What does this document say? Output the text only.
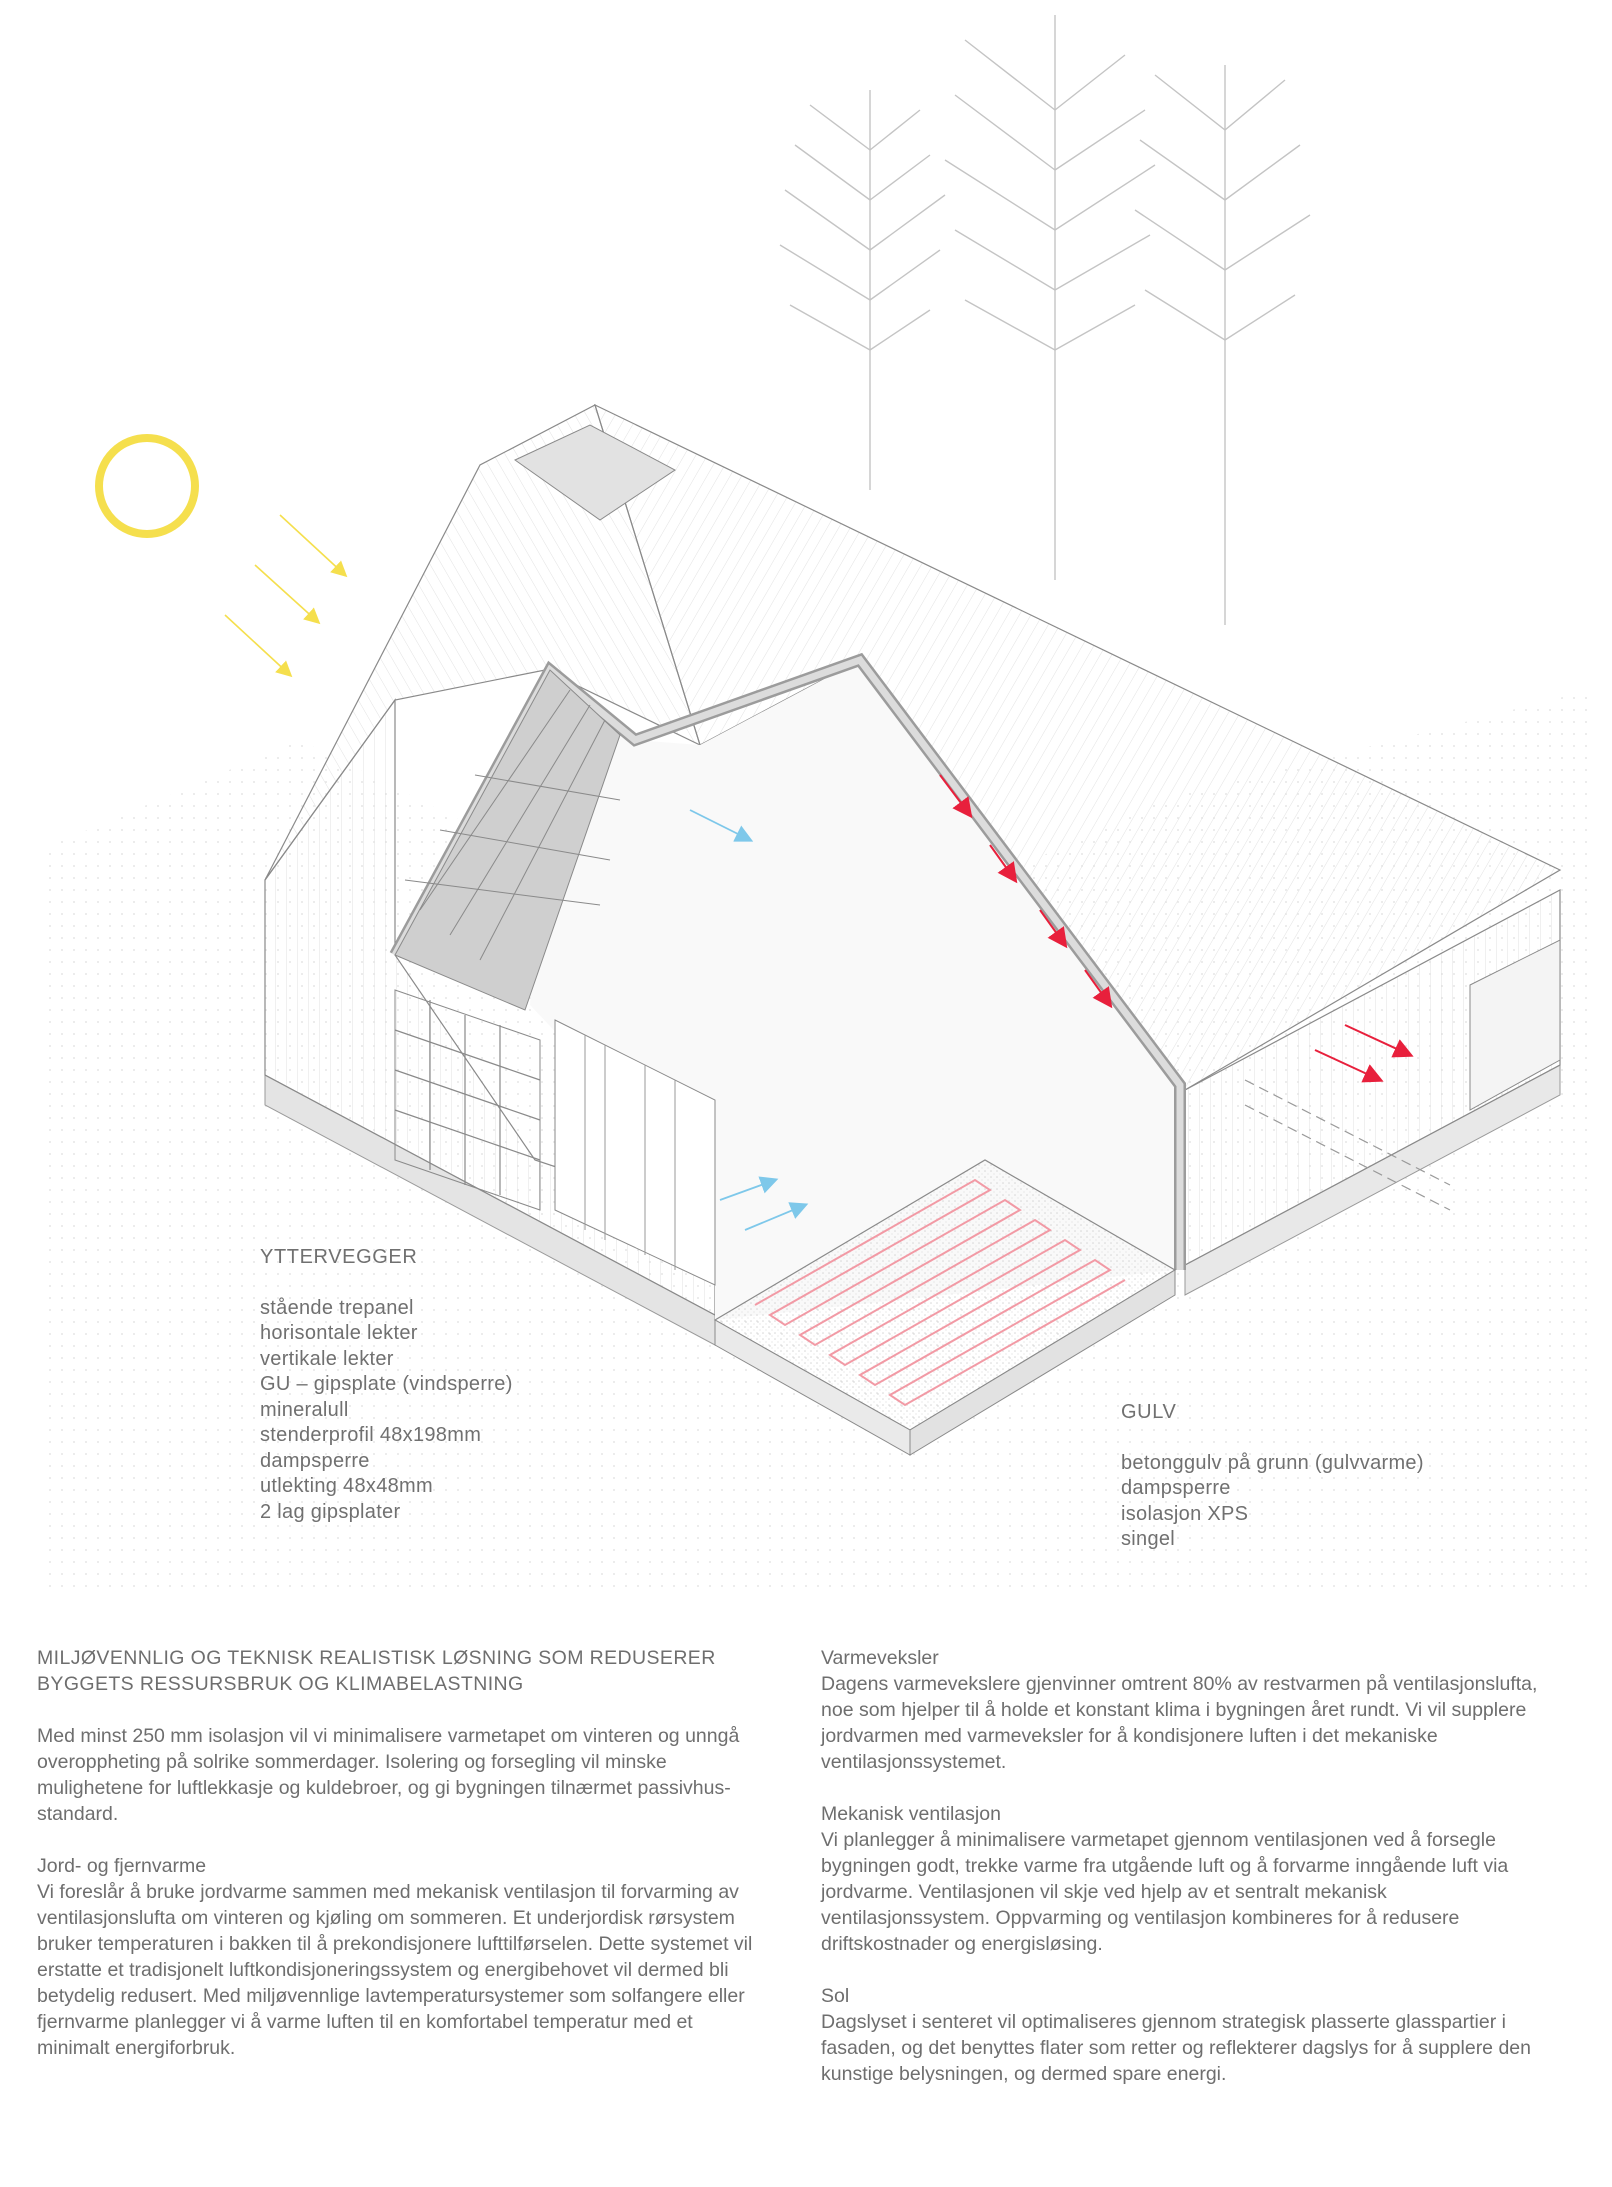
YTTERVEGGER
stående trepanel
horisontale lekter
vertikale lekter
GU – gipsplate (vindsperre)
mineralull
stenderprofil 48x198mm
dampsperre
utlekting 48x48mm
2 lag gipsplater
GULV
betonggulv på grunn (gulvvarme)
dampsperre
isolasjon XPS
singel
MILJØVENNLIG OG TEKNISK REALISTISK LØSNING SOM REDUSERER
BYGGETS RESSURSBRUK OG KLIMABELASTNING

Med minst 250 mm isolasjon vil vi minimalisere varmetapet om vinteren og unngå overoppheting på solrike sommerdager. Isolering og forsegling vil minske mulighetene for luftlekkasje og kuldebroer, og gi bygningen tilnærmet passivhus-standard.

Jord- og fjernvarme
Vi foreslår å bruke jordvarme sammen med mekanisk ventilasjon til forvarming av ventilasjonslufta om vinteren og kjøling om sommeren. Et underjordisk rørsystem bruker temperaturen i bakken til å prekondisjonere lufttilførselen. Dette systemet vil erstatte et tradisjonelt luftkondisjoneringssystem og energibehovet vil dermed bli betydelig redusert. Med miljøvennlige lavtemperatursystemer som solfangere eller fjernvarme planlegger vi å varme luften til en komfortabel temperatur med et minimalt energiforbruk.

Varmeveksler
Dagens varmevekslere gjenvinner omtrent 80% av restvarmen på ventilasjonslufta, noe som hjelper til å holde et konstant klima i bygningen året rundt. Vi vil supplere jordvarmen med varmeveksler for å kondisjonere luften i det mekaniske ventilasjonssystemet.

Mekanisk ventilasjon
Vi planlegger å minimalisere varmetapet gjennom ventilasjonen ved å forsegle bygningen godt, trekke varme fra utgående luft og å forvarme inngående luft via jordvarme. Ventilasjonen vil skje ved hjelp av et sentralt mekanisk ventilasjonssystem. Oppvarming og ventilasjon kombineres for å redusere driftskostnader og energisløsing.

Sol
Dagslyset i senteret vil optimaliseres gjennom strategisk plasserte glasspartier i fasaden, og det benyttes flater som retter og reflekterer dagslys for å supplere den kunstige belysningen, og dermed spare energi.
